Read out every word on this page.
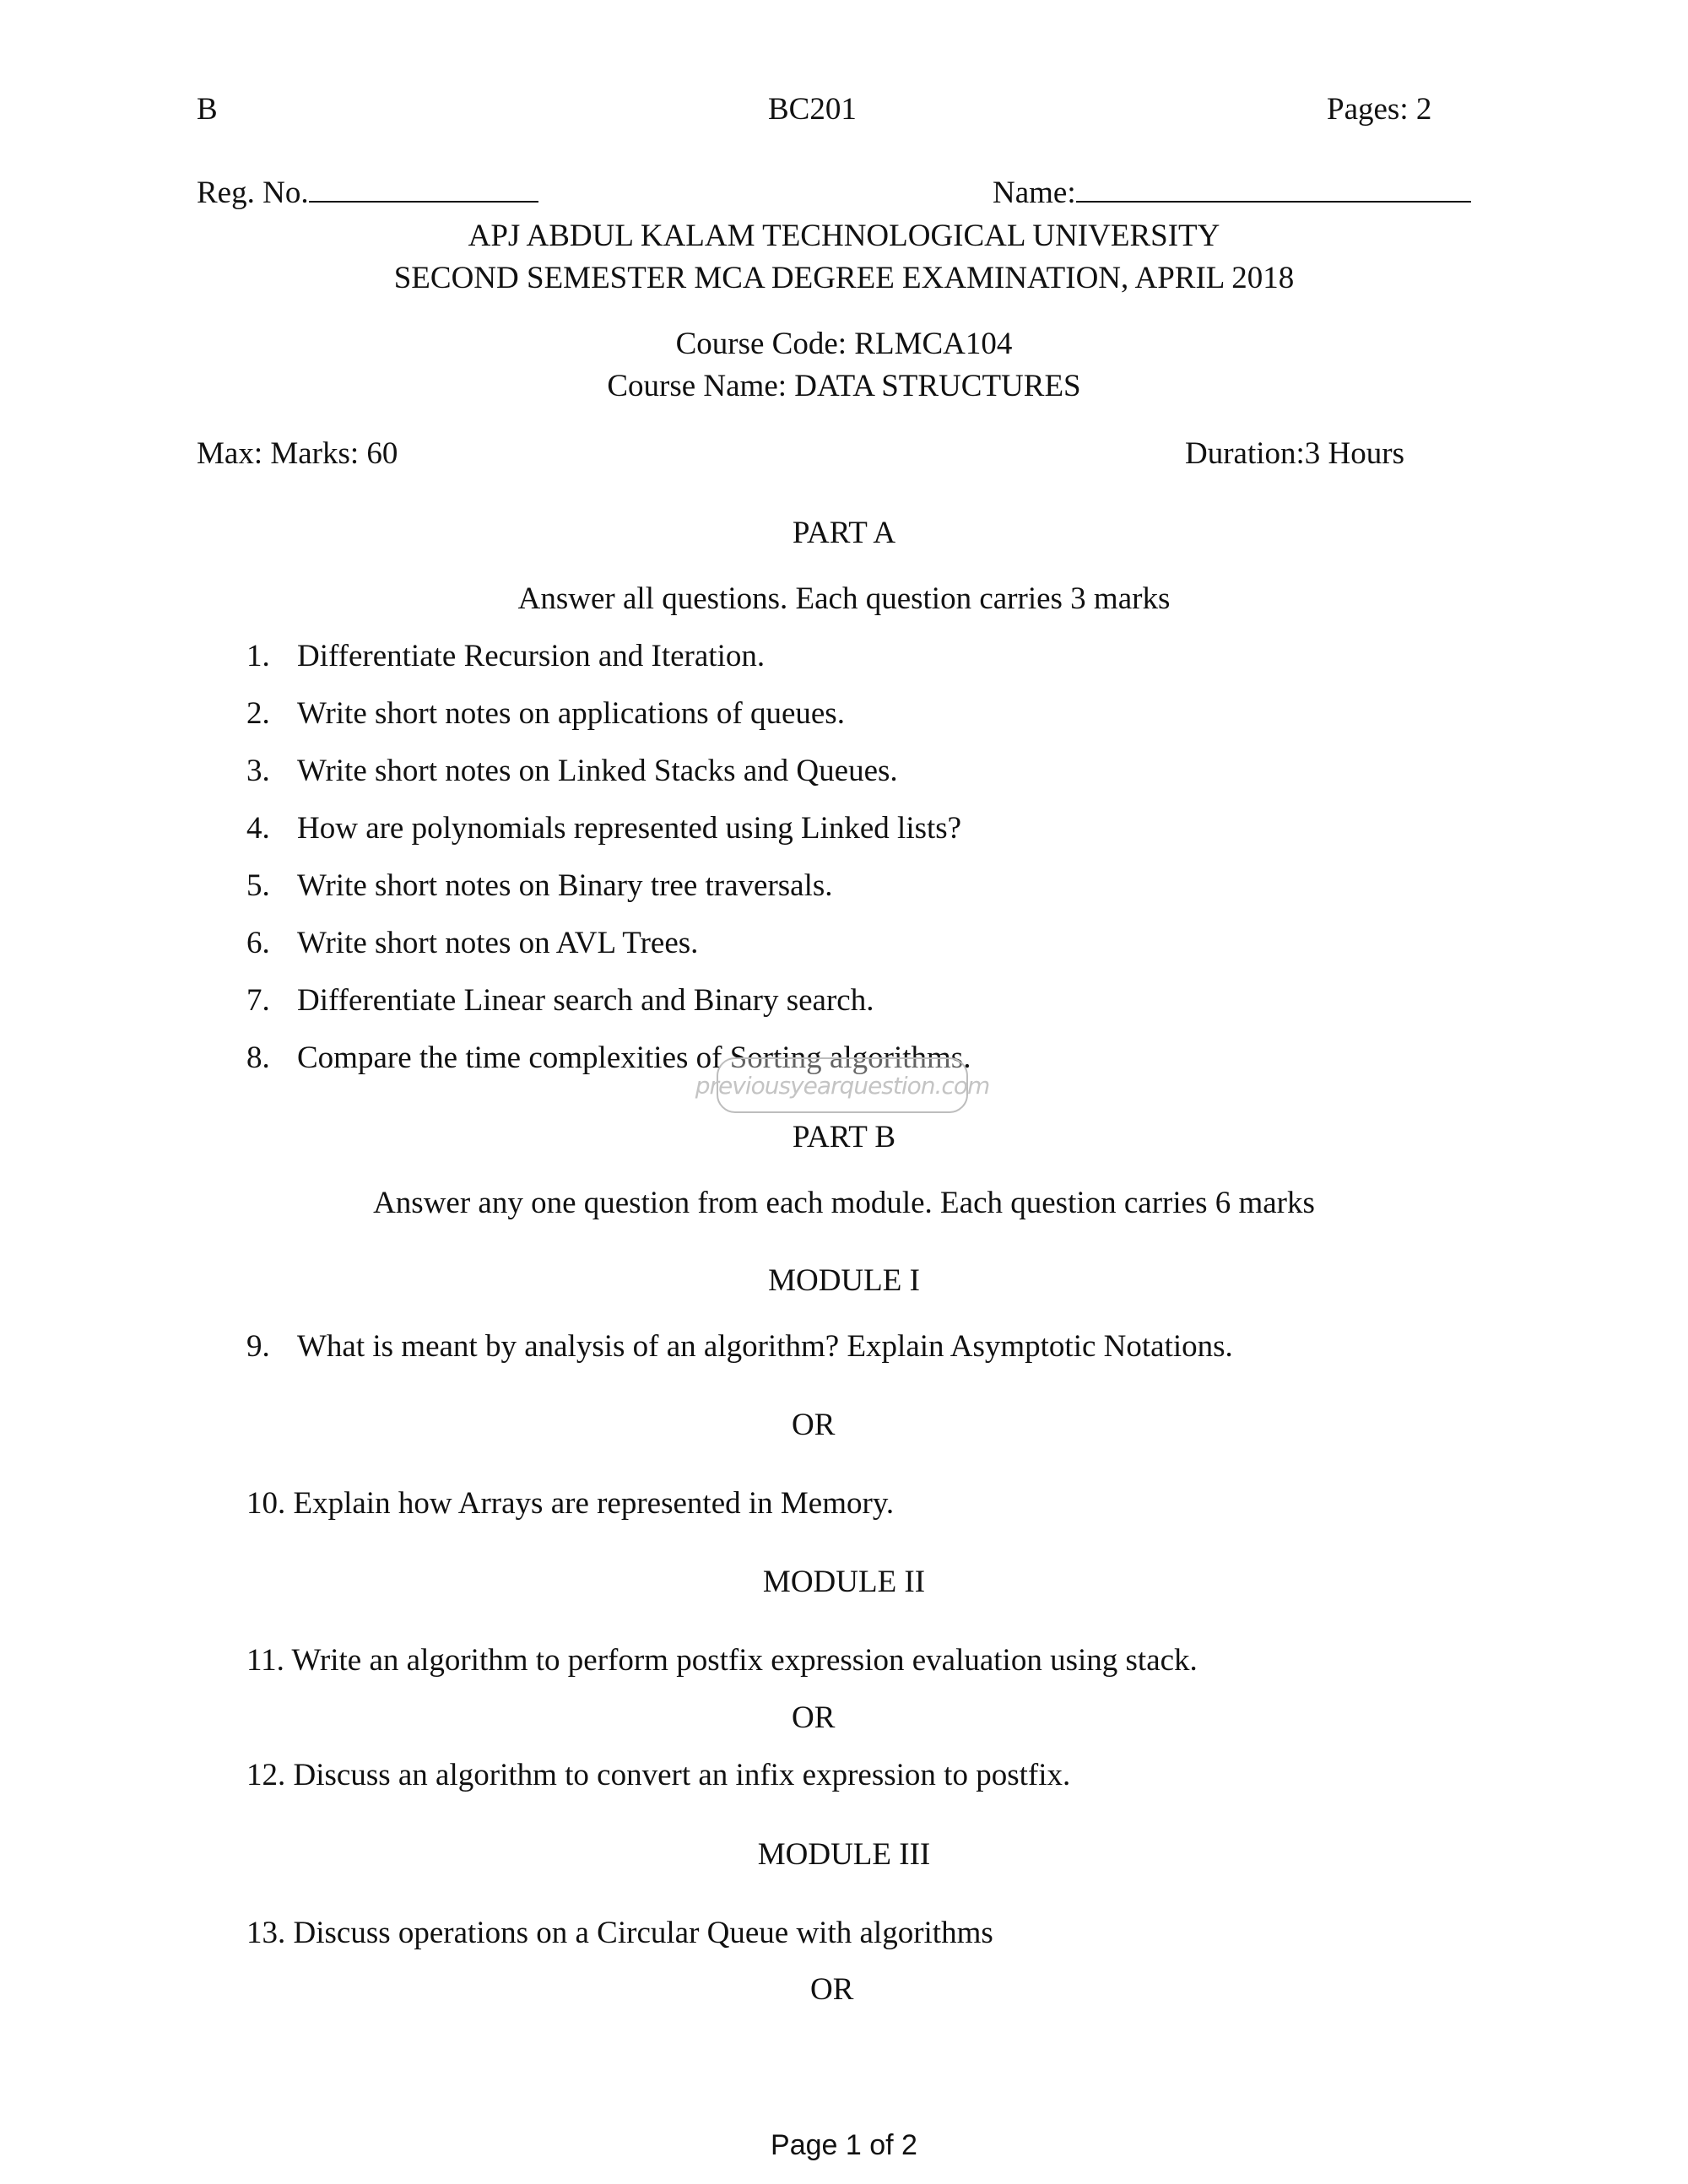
B	BC201	Pages: 2
Reg. No.	Name:
APJ ABDUL KALAM TECHNOLOGICAL UNIVERSITY
SECOND SEMESTER MCA DEGREE EXAMINATION, APRIL 2018
Course Code: RLMCA104
Course Name: DATA STRUCTURES
Max: Marks: 60	Duration:3 Hours
PART A
Answer all questions. Each question carries 3 marks
1. Differentiate Recursion and Iteration.
2. Write short notes on applications of queues.
3. Write short notes on Linked Stacks and Queues.
4. How are polynomials represented using Linked lists?
5. Write short notes on Binary tree traversals.
6. Write short notes on AVL Trees.
7. Differentiate Linear search and Binary search.
8. Compare the time complexities of Sorting algorithms.
previousyearquestion.com
PART B
Answer any one question from each module. Each question carries 6 marks
MODULE I
9. What is meant by analysis of an algorithm? Explain Asymptotic Notations.
OR
10. Explain how Arrays are represented in Memory.
MODULE II
11. Write an algorithm to perform postfix expression evaluation using stack.
OR
12. Discuss an algorithm to convert an infix expression to postfix.
MODULE III
13. Discuss operations on a Circular Queue with algorithms
OR
Page 1 of 2
